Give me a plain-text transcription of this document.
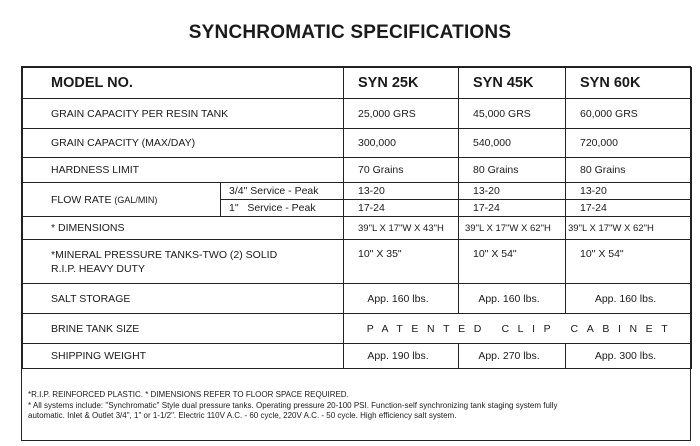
SYNCHROMATIC SPECIFICATIONS
MODEL NO.		SYN 25K	SYN 45K	SYN 60K
GRAIN CAPACITY PER RESIN TANK		25,000 GRS	45,000 GRS	60,000 GRS
GRAIN CAPACITY (MAX/DAY)		300,000	540,000	720,000
HARDNESS LIMIT		70 Grains	80 Grains	80 Grains
FLOW RATE (GAL/MIN)	3/4" Service - Peak	13-20	13-20	13-20
	1"   Service - Peak	17-24	17-24	17-24
* DIMENSIONS		39"L X 17"W X 43"H	39"L X 17"W X 62"H	39"L X 17"W X 62"H

*MINERAL PRESSURE TANKS-TWO (2) SOLID
R.I.P. HEAVY DUTY		10" X 35"	10" X 54"	10" X 54"
SALT STORAGE		App. 160 lbs.	App. 160 lbs.	App. 160 lbs.
BRINE TANK SIZE		PATENTED CLIP CABINET		
SHIPPING WEIGHT		App. 190 lbs.	App. 270 lbs.	App. 300 lbs.
*R.I.P. REINFORCED PLASTIC. * DIMENSIONS REFER TO FLOOR SPACE REQUIRED.
* All systems include: "Synchromatic" Style dual pressure tanks. Operating pressure 20-100 PSI. Function-self synchronizing tank staging system fully
automatic. Inlet & Outlet 3/4", 1" or 1-1/2". Electric 110V A.C. - 60 cycle, 220V A.C. - 50 cycle. High efficiency salt system.
